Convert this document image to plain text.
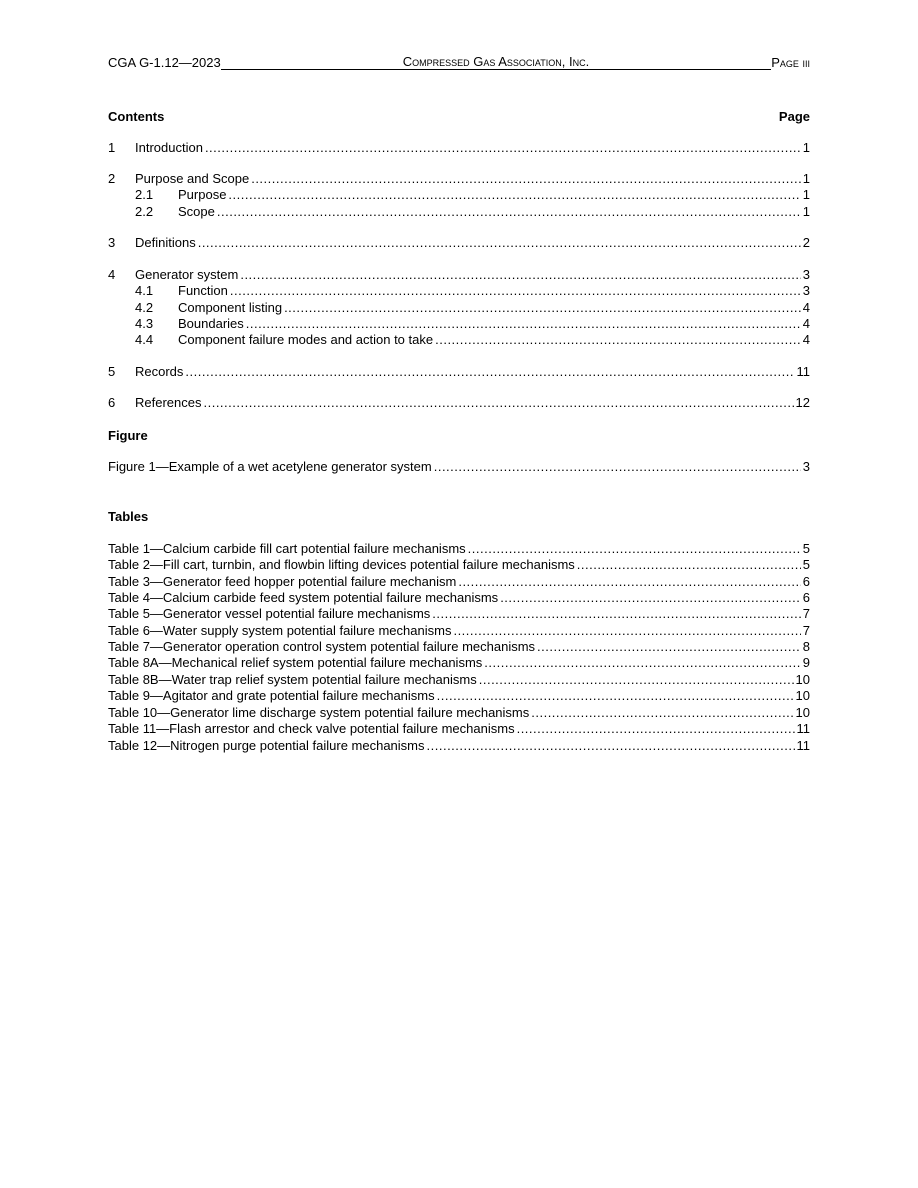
CGA G-1.12—2023	Compressed Gas Association, Inc.	Page iii
Contents	Page
1	Introduction .....	1
2	Purpose and Scope .....	1
2.1	Purpose .....	1
2.2	Scope .....	1
3	Definitions .....	2
4	Generator system .....	3
4.1	Function .....	3
4.2	Component listing .....	4
4.3	Boundaries .....	4
4.4	Component failure modes and action to take .....	4
5	Records .....	11
6	References .....	12
Figure
Figure 1—Example of a wet acetylene generator system .....	3
Tables
Table 1—Calcium carbide fill cart potential failure mechanisms .....	5
Table 2—Fill cart, turnbin, and flowbin lifting devices potential failure mechanisms .....	5
Table 3—Generator feed hopper potential failure mechanism .....	6
Table 4—Calcium carbide feed system potential failure mechanisms .....	6
Table 5—Generator vessel potential failure mechanisms .....	7
Table 6—Water supply system potential failure mechanisms .....	7
Table 7—Generator operation control system potential failure mechanisms .....	8
Table 8A—Mechanical relief system potential failure mechanisms .....	9
Table 8B—Water trap relief system potential failure mechanisms .....	10
Table 9—Agitator and grate potential failure mechanisms .....	10
Table 10—Generator lime discharge system potential failure mechanisms .....	10
Table 11—Flash arrestor and check valve potential failure mechanisms .....	11
Table 12—Nitrogen purge potential failure mechanisms .....	11
